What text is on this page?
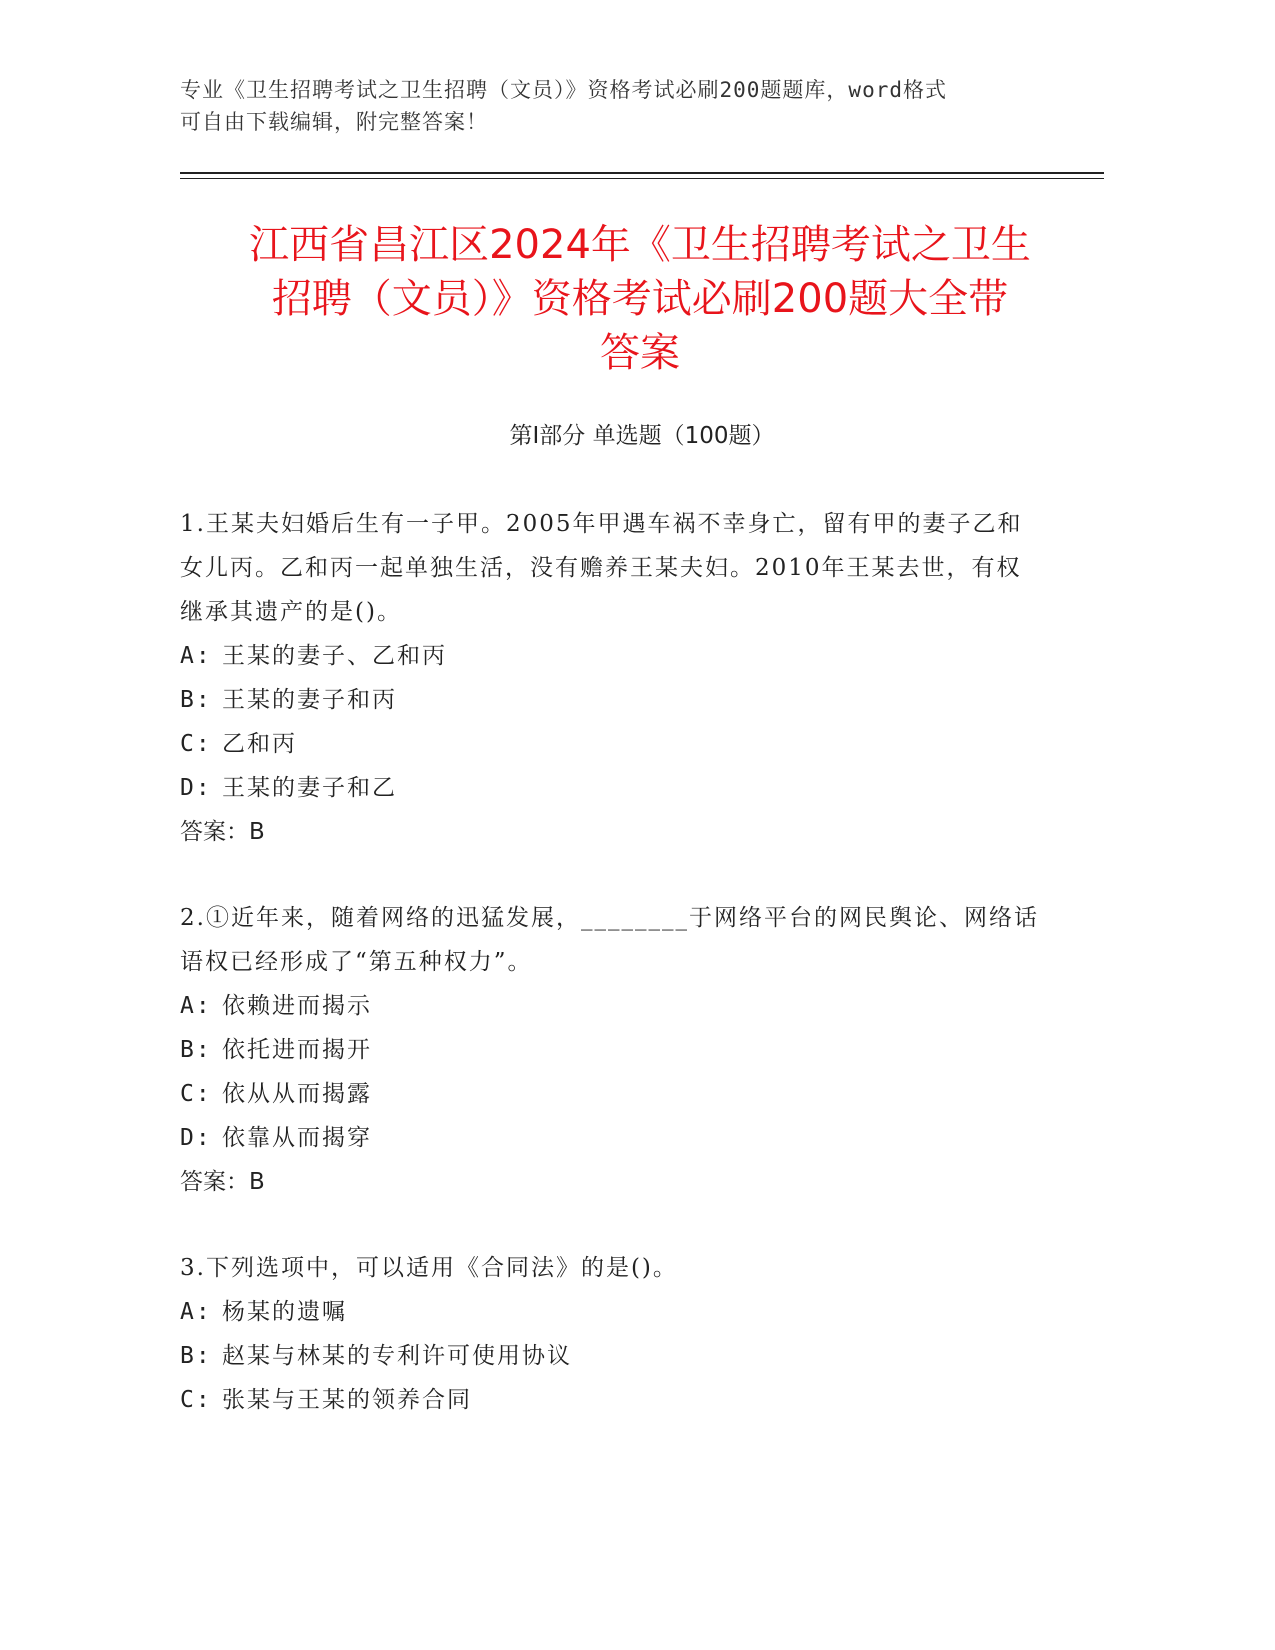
专业《卫生招聘考试之卫生招聘（文员）》资格考试必刷200题题库，word格式
可自由下载编辑，附完整答案！
江西省昌江区2024年《卫生招聘考试之卫生
招聘（文员）》资格考试必刷200题大全带
答案
第Ⅰ部分 单选题（100题）
1.王某夫妇婚后生有一子甲。2005年甲遇车祸不幸身亡，留有甲的妻子乙和女儿丙。乙和丙一起单独生活，没有赡养王某夫妇。2010年王某去世，有权继承其遗产的是()。
A: 王某的妻子、乙和丙
B: 王某的妻子和丙
C: 乙和丙
D: 王某的妻子和乙
答案：B
2.①近年来，随着网络的迅猛发展，________于网络平台的网民舆论、网络话语权已经形成了“第五种权力”。
A: 依赖进而揭示
B: 依托进而揭开
C: 依从从而揭露
D: 依靠从而揭穿
答案：B
3.下列选项中，可以适用《合同法》的是()。
A: 杨某的遗嘱
B: 赵某与林某的专利许可使用协议
C: 张某与王某的领养合同
